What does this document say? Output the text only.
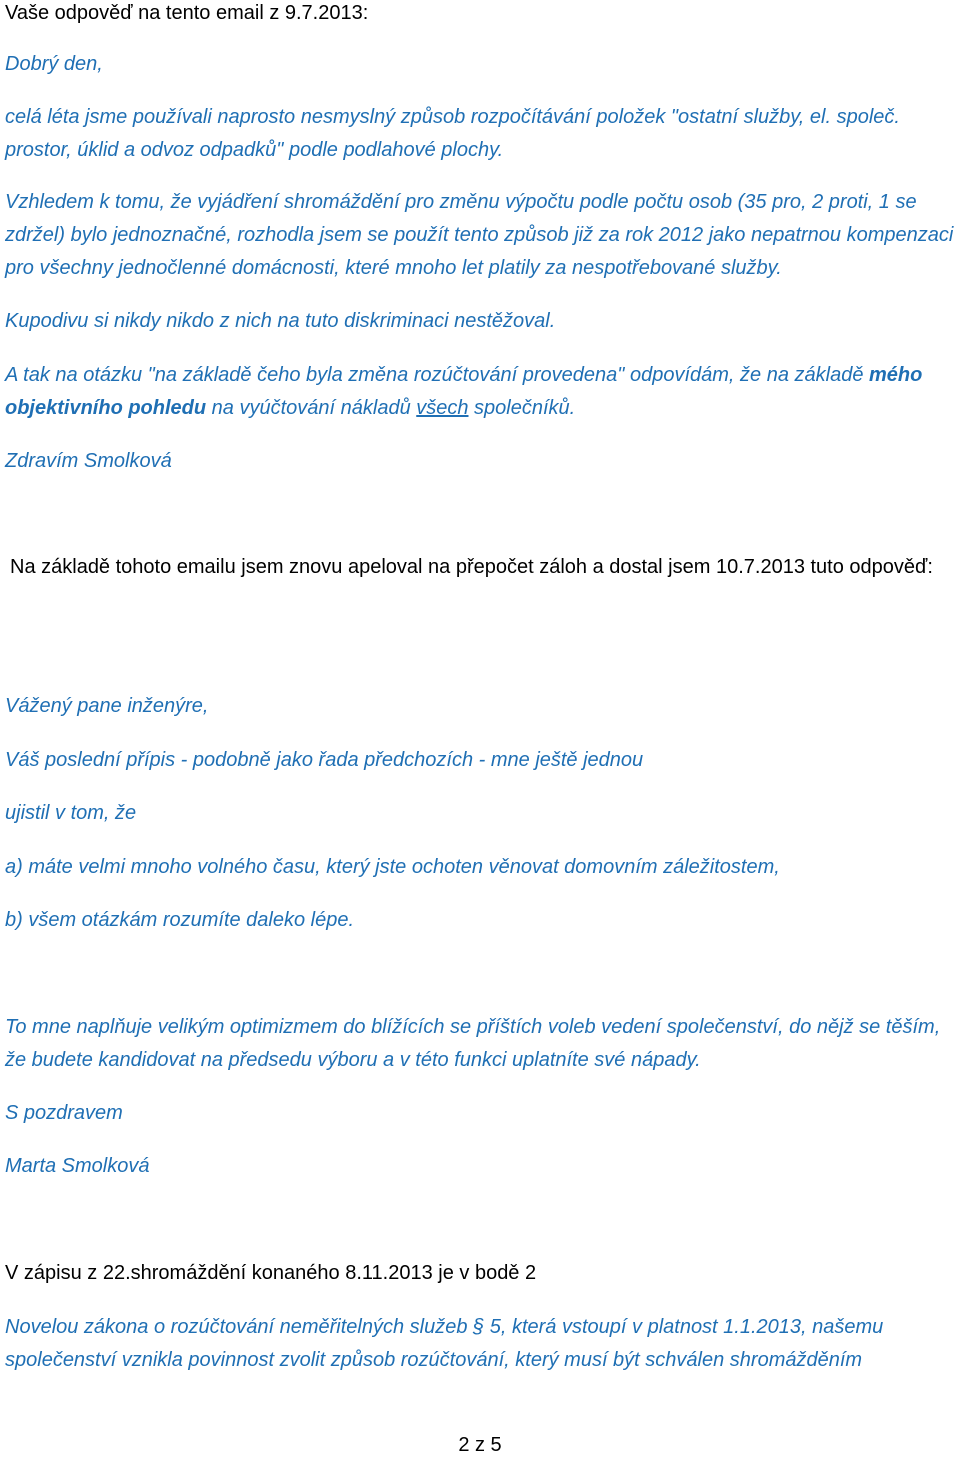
Vaše odpověď na tento email z 9.7.2013:
Dobrý den,
celá léta jsme používali naprosto nesmyslný způsob rozpočítávání položek "ostatní služby, el. společ. prostor, úklid a odvoz odpadků" podle podlahové plochy.
Vzhledem k tomu, že vyjádření shromáždění pro změnu výpočtu podle počtu osob (35 pro, 2 proti, 1 se zdržel) bylo jednoznačné, rozhodla jsem se použít tento způsob již za rok 2012 jako nepatrnou kompenzaci pro všechny jednočlenné domácnosti, které mnoho let platily za nespotřebované služby.
Kupodivu si nikdy nikdo z nich na tuto diskriminaci nestěžoval.
A tak na otázku "na základě čeho byla změna rozúčtování provedena" odpovídám, že na základě mého objektivního pohledu na vyúčtování nákladů všech společníků.
Zdravím Smolková
Na základě tohoto emailu jsem znovu apeloval na přepočet záloh a dostal jsem 10.7.2013 tuto odpověď:
Vážený pane inženýre,
Váš poslední přípis - podobně jako řada předchozích - mne ještě jednou
ujistil v tom, že
a) máte velmi mnoho volného času, který jste ochoten věnovat domovním záležitostem,
b) všem otázkám rozumíte daleko lépe.
To mne naplňuje velikým optimizmem do blížících se příštích voleb vedení společenství, do nějž se těším, že budete kandidovat na předsedu výboru a v této funkci uplatníte své nápady.
S pozdravem
Marta Smolková
V zápisu z 22.shromáždění konaného 8.11.2013 je v bodě 2
Novelou zákona o rozúčtování neměřitelných služeb § 5, která vstoupí v platnost 1.1.2013, našemu společenství vznikla povinnost zvolit způsob rozúčtování, který musí být schválen shromážděním
2 z 5
